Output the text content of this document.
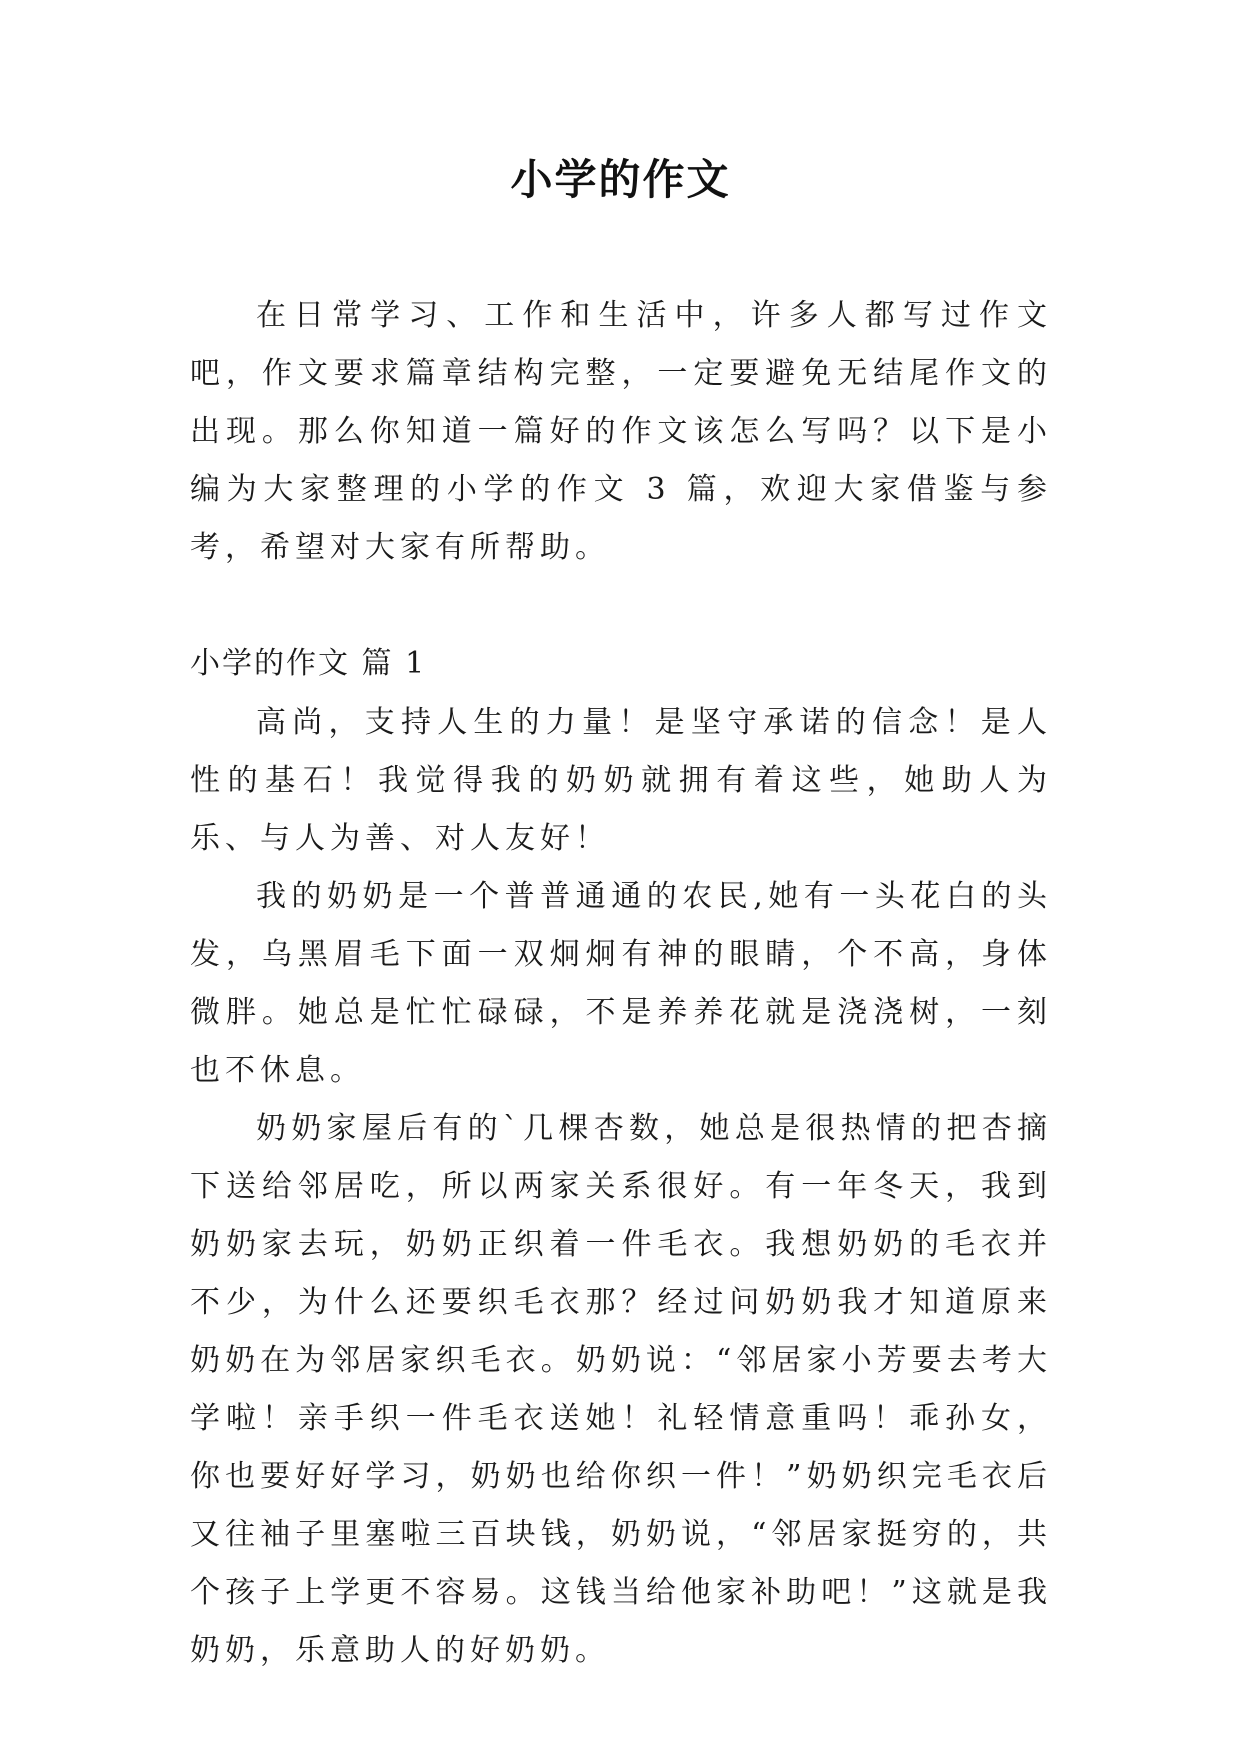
小学的作文
在日常学习、工作和生活中，许多人都写过作文吧，作文要求篇章结构完整，一定要避免无结尾作文的出现。那么你知道一篇好的作文该怎么写吗？以下是小编为大家整理的小学的作文 3 篇，欢迎大家借鉴与参考，希望对大家有所帮助。
小学的作文 篇 1

高尚，支持人生的力量！是坚守承诺的信念！是人性的基石！我觉得我的奶奶就拥有着这些，她助人为乐、与人为善、对人友好！

我的奶奶是一个普普通通的农民,她有一头花白的头发，乌黑眉毛下面一双炯炯有神的眼睛，个不高，身体微胖。她总是忙忙碌碌，不是养养花就是浇浇树，一刻也不休息。

奶奶家屋后有的`几棵杏数，她总是很热情的把杏摘下送给邻居吃，所以两家关系很好。有一年冬天，我到奶奶家去玩，奶奶正织着一件毛衣。我想奶奶的毛衣并不少，为什么还要织毛衣那？经过问奶奶我才知道原来奶奶在为邻居家织毛衣。奶奶说：“邻居家小芳要去考大学啦！亲手织一件毛衣送她！礼轻情意重吗！乖孙女，你也要好好学习，奶奶也给你织一件！”奶奶织完毛衣后又往袖子里塞啦三百块钱，奶奶说，“邻居家挺穷的，共个孩子上学更不容易。这钱当给他家补助吧！”这就是我奶奶，乐意助人的好奶奶。
